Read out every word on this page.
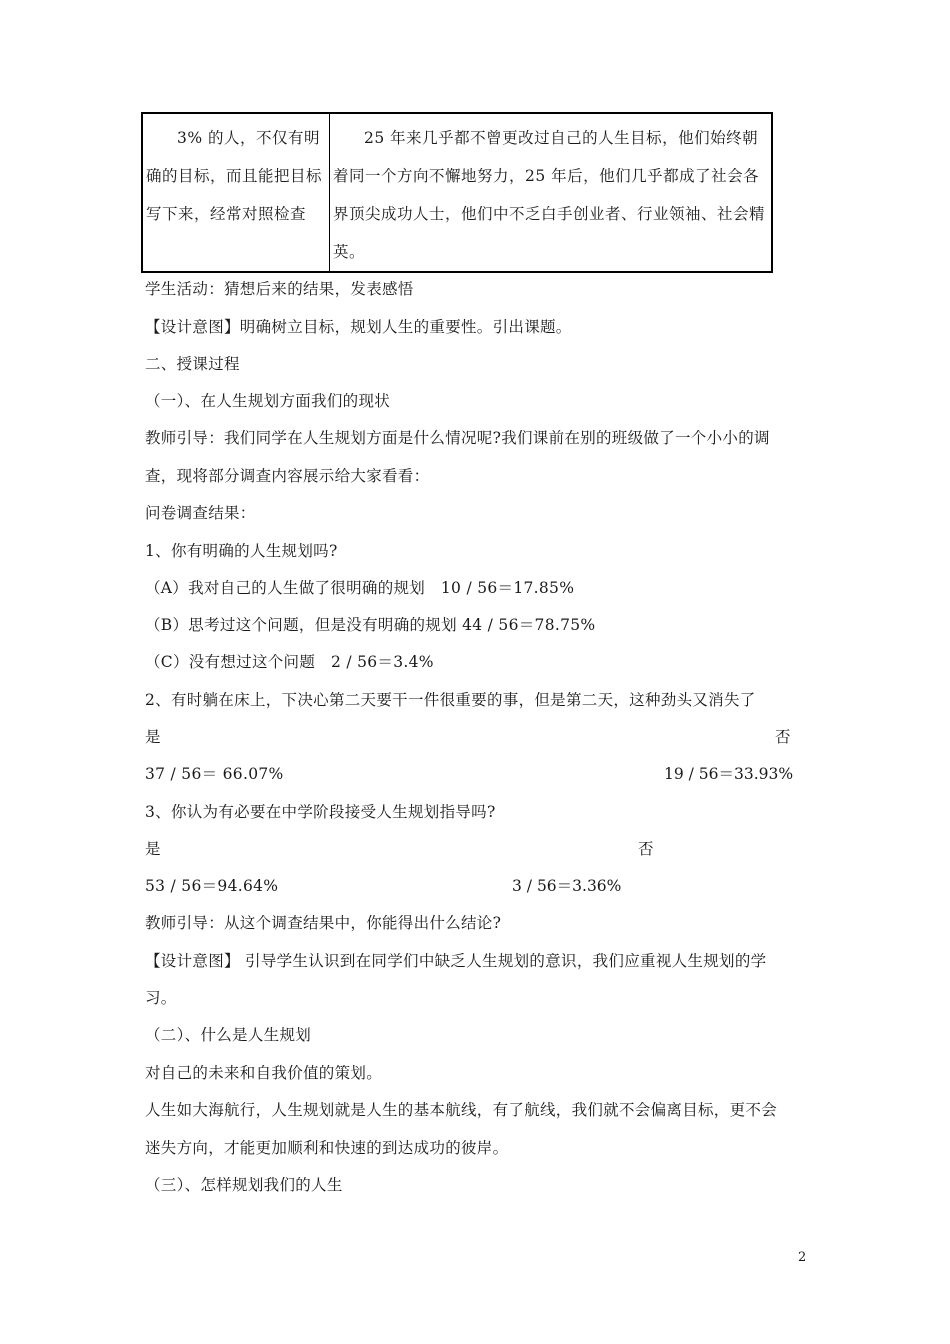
3% 的人，不仅有明确的目标，而且能把目标写下来，经常对照检查	25 年来几乎都不曾更改过自己的人生目标，他们始终朝着同一个方向不懈地努力，25 年后，他们几乎都成了社会各界顶尖成功人士，他们中不乏白手创业者、行业领袖、社会精英。
学生活动：猜想后来的结果，发表感悟
【设计意图】明确树立目标，规划人生的重要性。引出课题。
二、授课过程
（一）、在人生规划方面我们的现状
教师引导：我们同学在人生规划方面是什么情况呢?我们课前在别的班级做了一个小小的调
查，现将部分调查内容展示给大家看看：
问卷调查结果：
1、你有明确的人生规划吗?
（A）我对自己的人生做了很明确的规划　10 / 56＝17.85%
（B）思考过这个问题，但是没有明确的规划 44 / 56＝78.75%
（C）没有想过这个问题　2 / 56＝3.4%
2、有时躺在床上，下决心第二天要干一件很重要的事，但是第二天，这种劲头又消失了
是	否
37 / 56＝ 66.07%	19 / 56＝33.93%
3、你认为有必要在中学阶段接受人生规划指导吗?
是	否
53 / 56＝94.64%	3 / 56＝3.36%
教师引导：从这个调查结果中，你能得出什么结论?
【设计意图】 引导学生认识到在同学们中缺乏人生规划的意识，我们应重视人生规划的学
习。
（二）、什么是人生规划
对自己的未来和自我价值的策划。
人生如大海航行，人生规划就是人生的基本航线，有了航线，我们就不会偏离目标，更不会
迷失方向，才能更加顺利和快速的到达成功的彼岸。
（三）、怎样规划我们的人生
2
